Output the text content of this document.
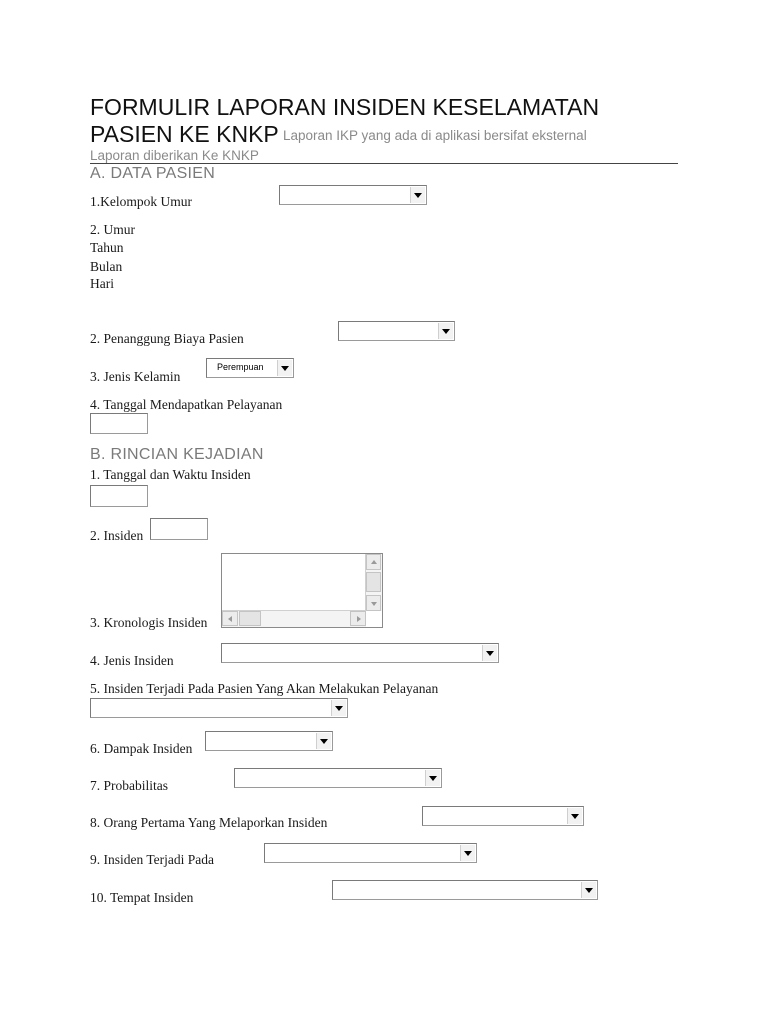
FORMULIR LAPORAN INSIDEN KESELAMATAN
PASIEN KE KNKP Laporan IKP yang ada di aplikasi bersifat eksternal
Laporan diberikan Ke KNKP
A. DATA PASIEN
1.Kelompok Umur
2. Umur
Tahun
Bulan
Hari
2. Penanggung Biaya Pasien
3. Jenis Kelamin
Perempuan
4. Tanggal Mendapatkan Pelayanan
B. RINCIAN KEJADIAN
1. Tanggal dan Waktu Insiden
2. Insiden
3. Kronologis Insiden
4. Jenis Insiden
5. Insiden Terjadi Pada Pasien Yang Akan Melakukan Pelayanan
6. Dampak Insiden
7. Probabilitas
8. Orang Pertama Yang Melaporkan Insiden
9. Insiden Terjadi Pada
10. Tempat Insiden
